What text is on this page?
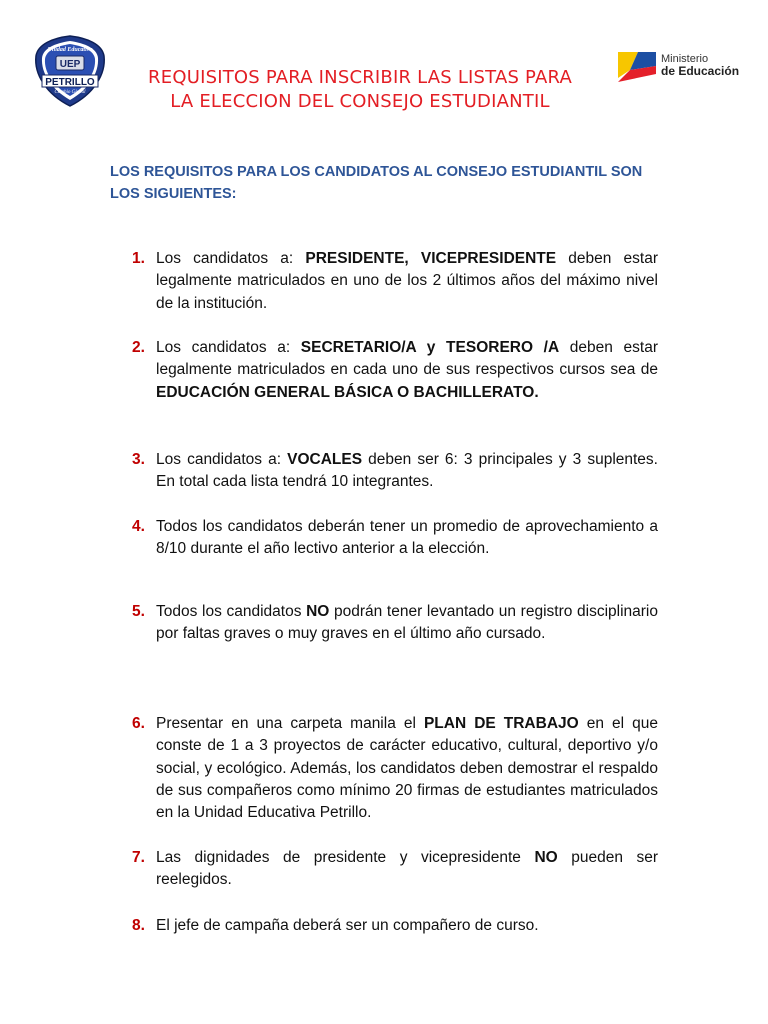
UEP
Unidad Educativa
PETRILLO
Cambio Global
REQUISITOS PARA INSCRIBIR LAS LISTAS PARA
LA ELECCION DEL CONSEJO ESTUDIANTIL
Ministerio
de Educación
LOS REQUISITOS PARA LOS CANDIDATOS AL CONSEJO ESTUDIANTIL SON LOS SIGUIENTES:
1. Los candidatos a: PRESIDENTE, VICEPRESIDENTE deben estar legalmente matriculados en uno de los 2 últimos años del máximo nivel de la institución.
2. Los candidatos a: SECRETARIO/A y TESORERO /A deben estar legalmente matriculados en cada uno de sus respectivos cursos sea de EDUCACIÓN GENERAL BÁSICA O BACHILLERATO.
3. Los candidatos a: VOCALES deben ser 6: 3 principales y 3 suplentes. En total cada lista tendrá 10 integrantes.
4. Todos los candidatos deberán tener un promedio de aprovechamiento a 8/10 durante el año lectivo anterior a la elección.
5. Todos los candidatos NO podrán tener levantado un registro disciplinario por faltas graves o muy graves en el último año cursado.
6. Presentar en una carpeta manila el PLAN DE TRABAJO en el que conste de 1 a 3 proyectos de carácter educativo, cultural, deportivo y/o social, y ecológico. Además, los candidatos deben demostrar el respaldo de sus compañeros como mínimo 20 firmas de estudiantes matriculados en la Unidad Educativa Petrillo.
7. Las dignidades de presidente y vicepresidente NO pueden ser reelegidos.
8. El jefe de campaña deberá ser un compañero de curso.
